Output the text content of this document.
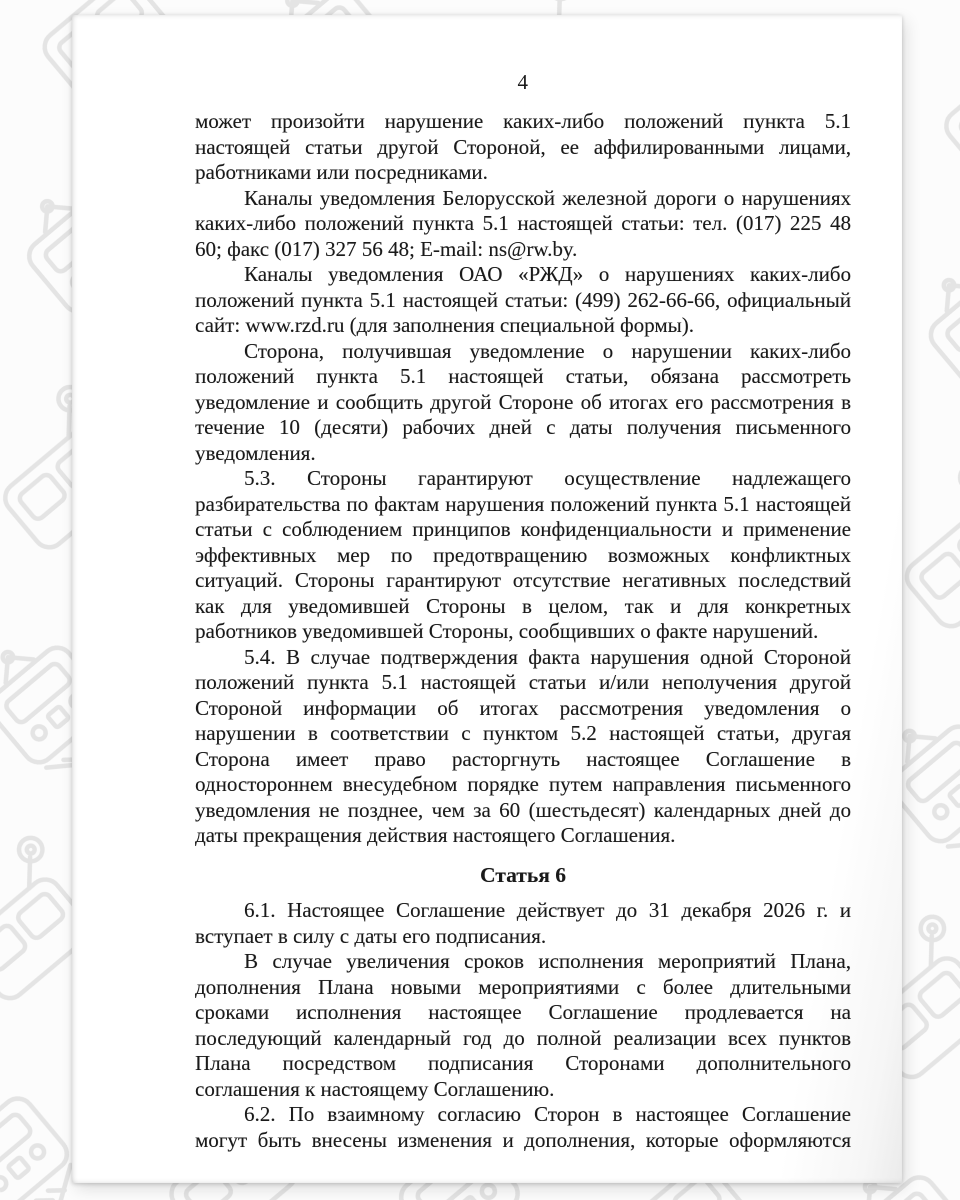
4

может произойти нарушение каких-либо положений пункта 5.1 настоящей статьи другой Стороной, ее аффилированными лицами, работниками или посредниками.

Каналы уведомления Белорусской железной дороги о нарушениях каких-либо положений пункта 5.1 настоящей статьи: тел. (017) 225 48 60; факс (017) 327 56 48; E-mail: ns@rw.by.

Каналы уведомления ОАО «РЖД» о нарушениях каких-либо положений пункта 5.1 настоящей статьи: (499) 262-66-66, официальный сайт: www.rzd.ru (для заполнения специальной формы).

Сторона, получившая уведомление о нарушении каких-либо положений пункта 5.1 настоящей статьи, обязана рассмотреть уведомление и сообщить другой Стороне об итогах его рассмотрения в течение 10 (десяти) рабочих дней с даты получения письменного уведомления.

5.3. Стороны гарантируют осуществление надлежащего разбирательства по фактам нарушения положений пункта 5.1 настоящей статьи с соблюдением принципов конфиденциальности и применение эффективных мер по предотвращению возможных конфликтных ситуаций. Стороны гарантируют отсутствие негативных последствий как для уведомившей Стороны в целом, так и для конкретных работников уведомившей Стороны, сообщивших о факте нарушений.

5.4. В случае подтверждения факта нарушения одной Стороной положений пункта 5.1 настоящей статьи и/или неполучения другой Стороной информации об итогах рассмотрения уведомления о нарушении в соответствии с пунктом 5.2 настоящей статьи, другая Сторона имеет право расторгнуть настоящее Соглашение в одностороннем внесудебном порядке путем направления письменного уведомления не позднее, чем за 60 (шестьдесят) календарных дней до даты прекращения действия настоящего Соглашения.

Статья 6

6.1. Настоящее Соглашение действует до 31 декабря 2026 г. и вступает в силу с даты его подписания.

В случае увеличения сроков исполнения мероприятий Плана, дополнения Плана новыми мероприятиями с более длительными сроками исполнения настоящее Соглашение продлевается на последующий календарный год до полной реализации всех пунктов Плана посредством подписания Сторонами дополнительного соглашения к настоящему Соглашению.

6.2. По взаимному согласию Сторон в настоящее Соглашение могут быть внесены изменения и дополнения, которые оформляются
